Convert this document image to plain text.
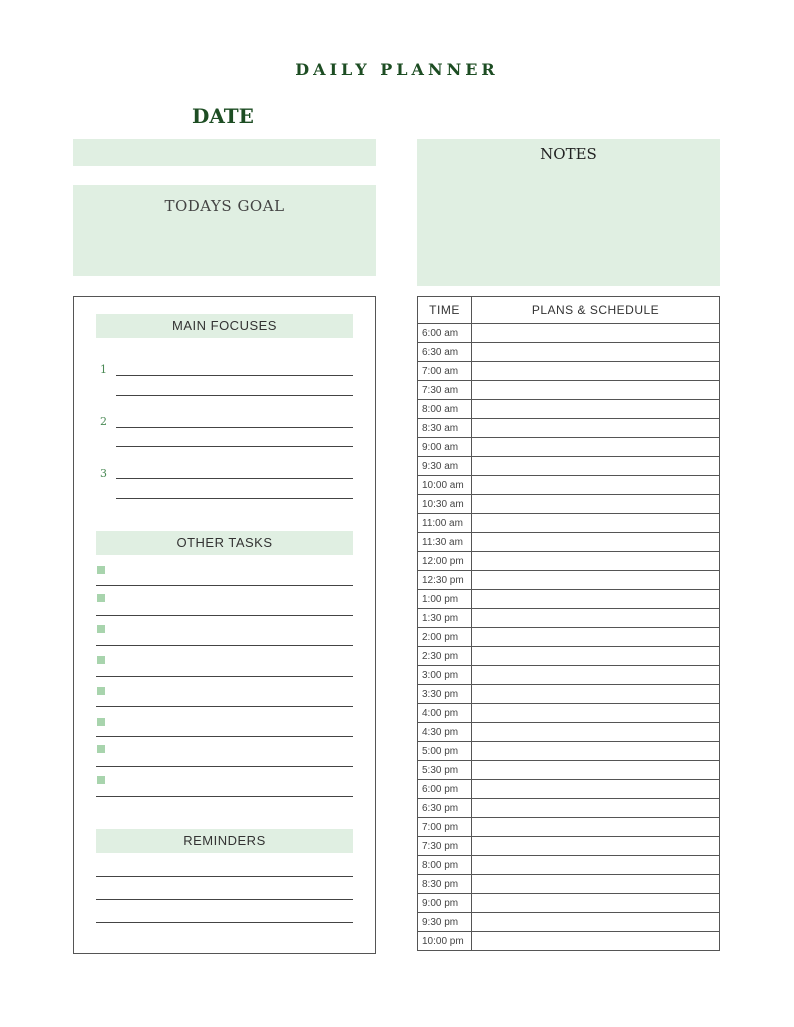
DAILY PLANNER
DATE
TODAYS GOAL
NOTES
MAIN FOCUSES
1
2
3
OTHER TASKS
REMINDERS
TIME	PLANS & SCHEDULE
6:00 am	
6:30 am	
7:00 am	
7:30 am	
8:00 am	
8:30 am	
9:00 am	
9:30 am	
10:00 am	
10:30 am	
11:00 am	
11:30 am	
12:00 pm	
12:30 pm	
1:00 pm	
1:30 pm	
2:00 pm	
2:30 pm	
3:00 pm	
3:30 pm	
4:00 pm	
4:30 pm	
5:00 pm	
5:30 pm	
6:00 pm	
6:30 pm	
7:00 pm	
7:30 pm	
8:00 pm	
8:30 pm	
9:00 pm	
9:30 pm	
10:00 pm	
